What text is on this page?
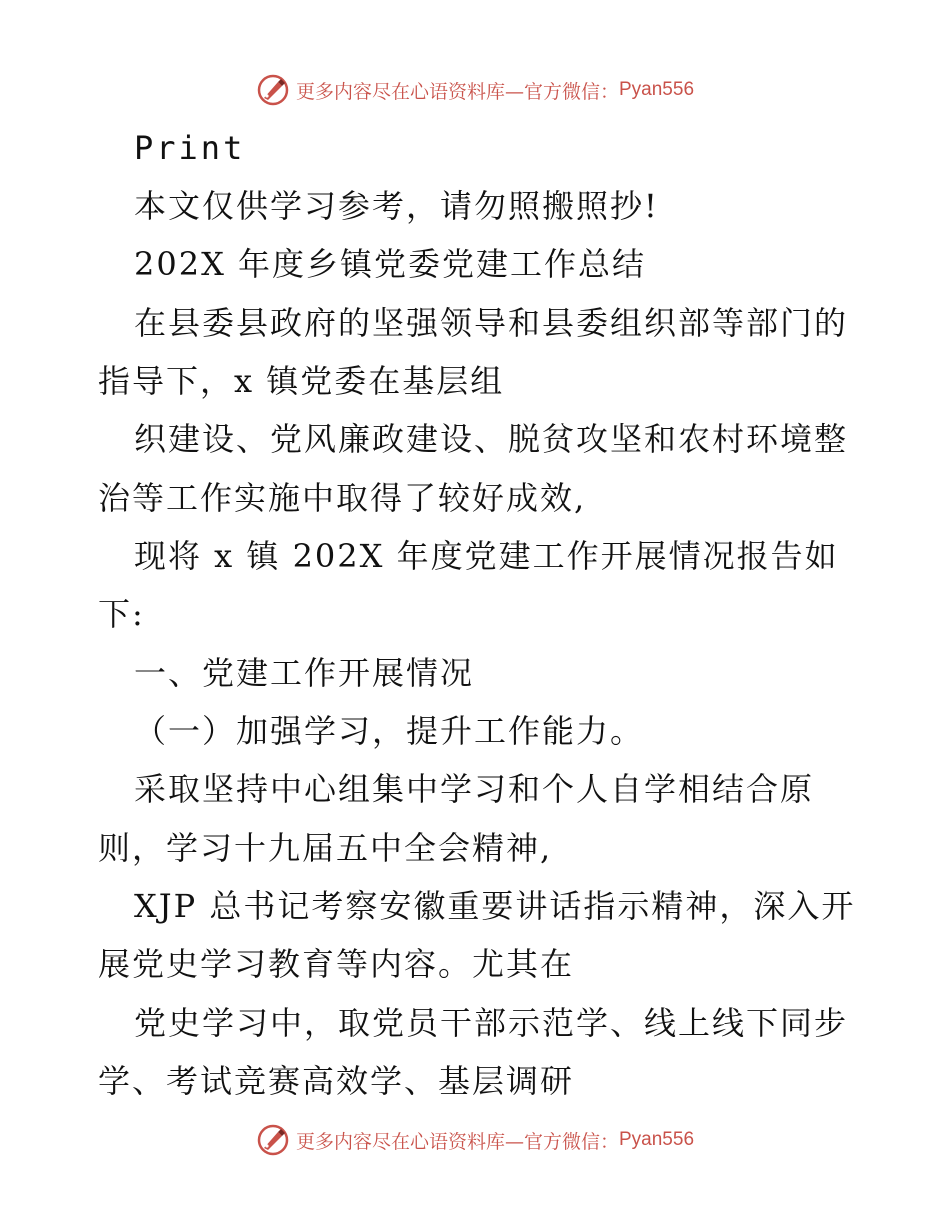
更多内容尽在心语资料库—官方微信： Pyan556
Print
本文仅供学习参考，请勿照搬照抄!
202X 年度乡镇党委党建工作总结
在县委县政府的坚强领导和县委组织部等部门的
指导下，x 镇党委在基层组
织建设、党风廉政建设、脱贫攻坚和农村环境整
治等工作实施中取得了较好成效,
现将 x 镇 202X 年度党建工作开展情况报告如
下:
一、党建工作开展情况
（一）加强学习，提升工作能力。
采取坚持中心组集中学习和个人自学相结合原
则，学习十九届五中全会精神,
XJP 总书记考察安徽重要讲话指示精神，深入开
展党史学习教育等内容。尤其在
党史学习中，取党员干部示范学、线上线下同步
学、考试竞赛高效学、基层调研
更多内容尽在心语资料库—官方微信： Pyan556
